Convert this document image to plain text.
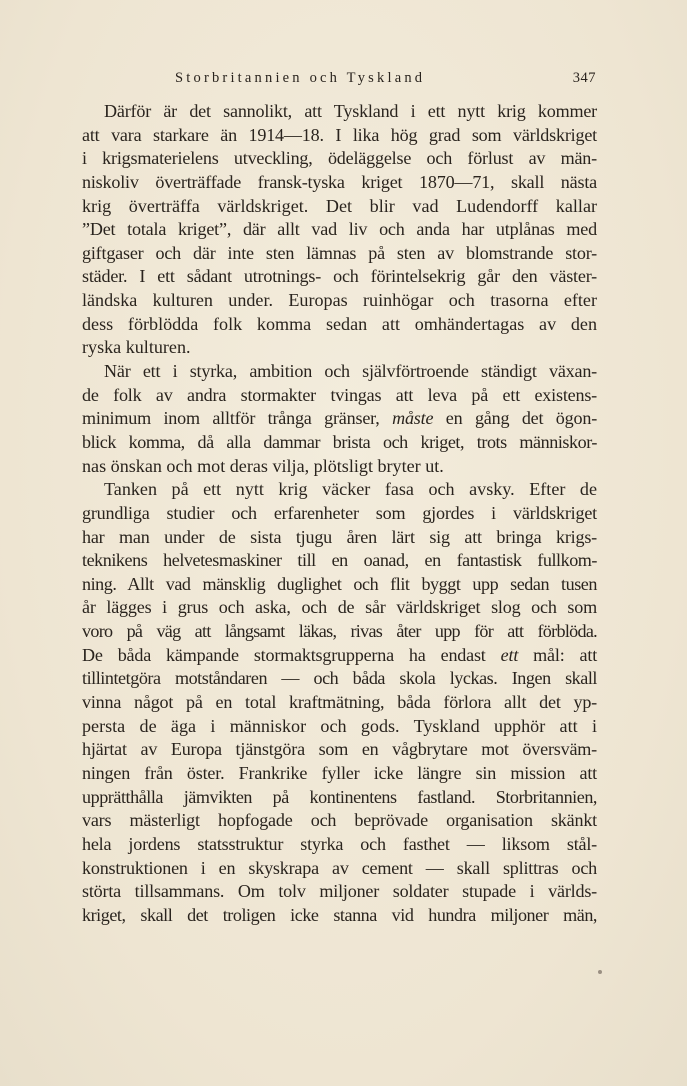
Storbritannien och Tyskland	347
Därför är det sannolikt, att Tyskland i ett nytt krig kommer
att vara starkare än 1914—18. I lika hög grad som världskriget
i krigsmaterielens utveckling, ödeläggelse och förlust av män-
niskoliv överträffade fransk-tyska kriget 1870—71, skall nästa
krig överträffa världskriget. Det blir vad Ludendorff kallar
”Det totala kriget”, där allt vad liv och anda har utplånas med
giftgaser och där inte sten lämnas på sten av blomstrande stor-
städer. I ett sådant utrotnings- och förintelsekrig går den väster-
ländska kulturen under. Europas ruinhögar och trasorna efter
dess förblödda folk komma sedan att omhändertagas av den
ryska kulturen.
När ett i styrka, ambition och självförtroende ständigt växan-
de folk av andra stormakter tvingas att leva på ett existens-
minimum inom alltför trånga gränser, måste en gång det ögon-
blick komma, då alla dammar brista och kriget, trots människor-
nas önskan och mot deras vilja, plötsligt bryter ut.
Tanken på ett nytt krig väcker fasa och avsky. Efter de
grundliga studier och erfarenheter som gjordes i världskriget
har man under de sista tjugu åren lärt sig att bringa krigs-
teknikens helvetesmaskiner till en oanad, en fantastisk fullkom-
ning. Allt vad mänsklig duglighet och flit byggt upp sedan tusen
år lägges i grus och aska, och de sår världskriget slog och som
voro på väg att långsamt läkas, rivas åter upp för att förblöda.
De båda kämpande stormaktsgrupperna ha endast ett mål: att
tillintetgöra motståndaren — och båda skola lyckas. Ingen skall
vinna något på en total kraftmätning, båda förlora allt det yp-
persta de äga i människor och gods. Tyskland upphör att i
hjärtat av Europa tjänstgöra som en vågbrytare mot översväm-
ningen från öster. Frankrike fyller icke längre sin mission att
upprätthålla jämvikten på kontinentens fastland. Storbritannien,
vars mästerligt hopfogade och beprövade organisation skänkt
hela jordens statsstruktur styrka och fasthet — liksom stål-
konstruktionen i en skyskrapa av cement — skall splittras och
störta tillsammans. Om tolv miljoner soldater stupade i världs-
kriget, skall det troligen icke stanna vid hundra miljoner män,
